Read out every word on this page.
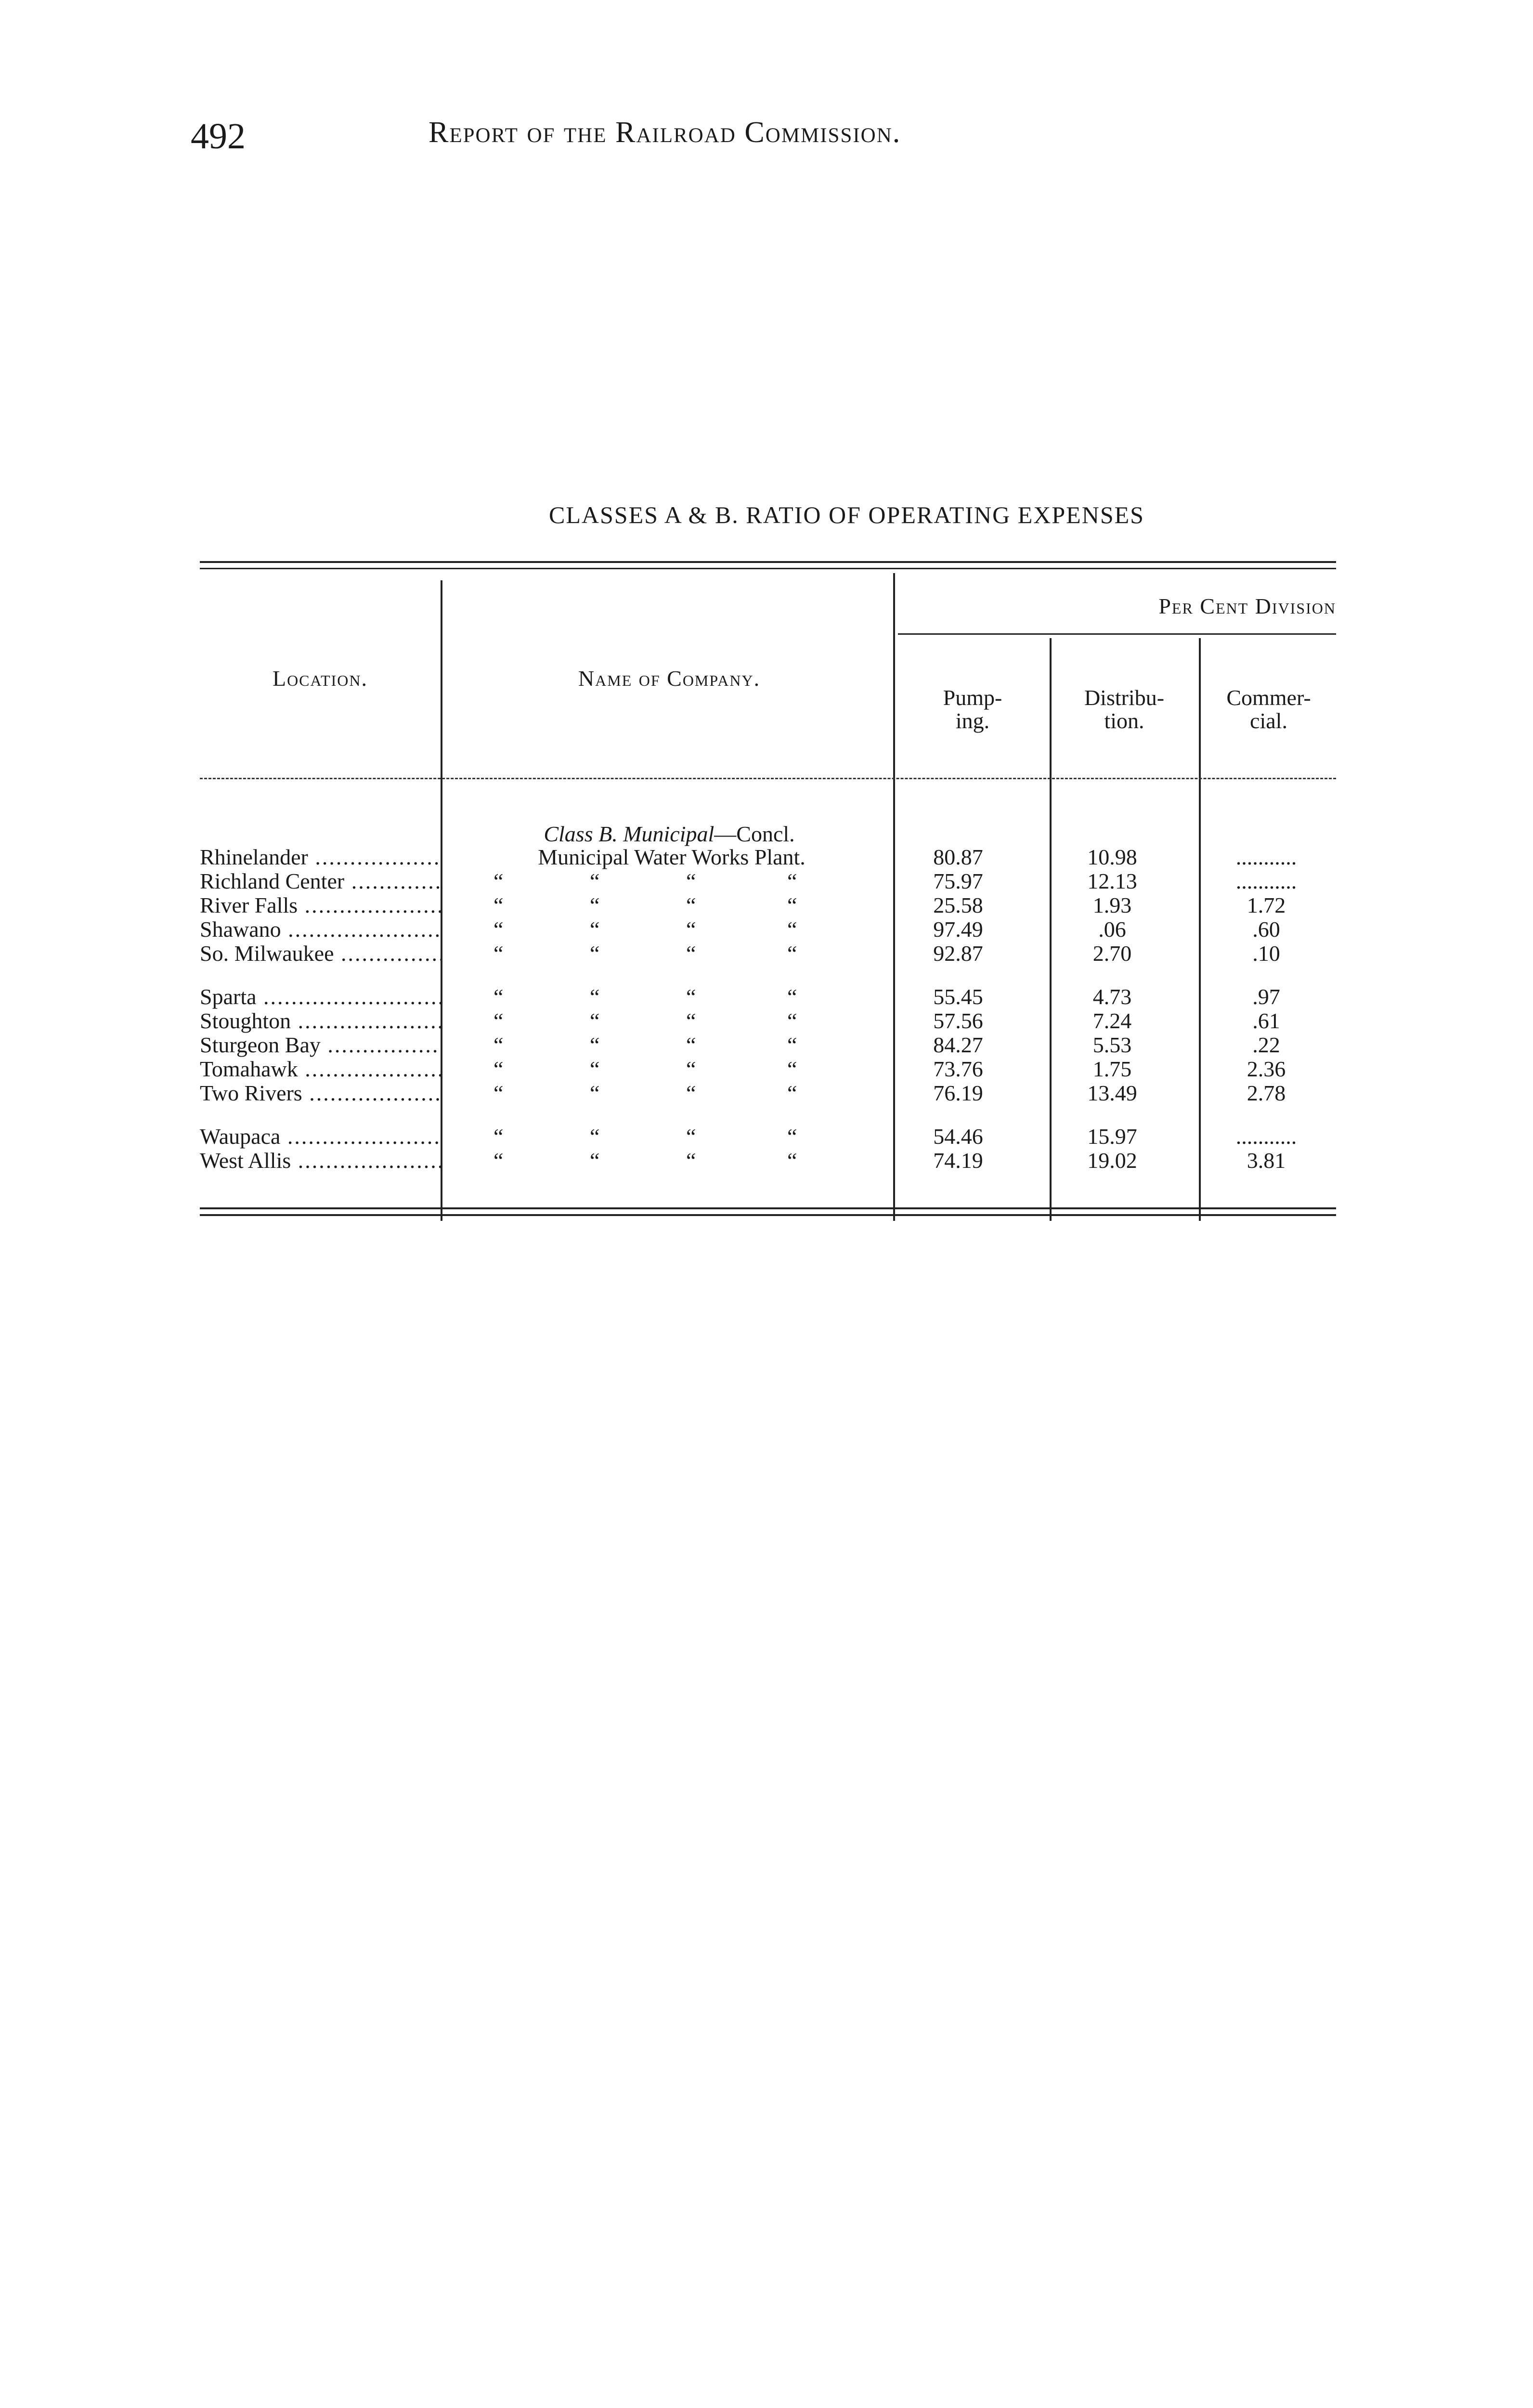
492	Report of the Railroad Commission.
CLASSES A & B. RATIO OF OPERATING EXPENSES
Location.	Name of Company.
Per Cent Division
Pump-
ing.
Distribu-
tion.
Commer-
cial.
Class B. Municipal—Concl.
Rhinelander .....	Municipal Water Works Plant.	80.87	10.98	...........
Richland Center .....	“	“	“	“	75.97	12.13	...........
River Falls .....	“	“	“	“	25.58	1.93	1.72
Shawano .....	“	“	“	“	97.49	.06	.60
So. Milwaukee .....	“	“	“	“	92.87	2.70	.10
Sparta .....	“	“	“	“	55.45	4.73	.97
Stoughton .....	“	“	“	“	57.56	7.24	.61
Sturgeon Bay .....	“	“	“	“	84.27	5.53	.22
Tomahawk .....	“	“	“	“	73.76	1.75	2.36
Two Rivers .....	“	“	“	“	76.19	13.49	2.78
Waupaca .....	“	“	“	“	54.46	15.97	...........
West Allis .....	“	“	“	“	74.19	19.02	3.81
